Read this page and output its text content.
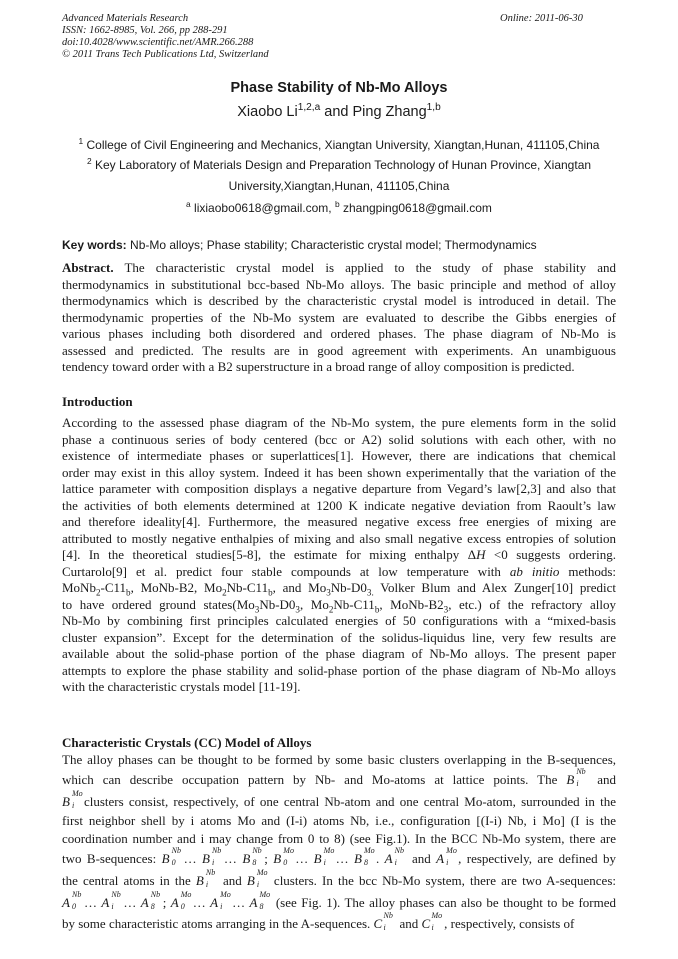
Advanced Materials Research
ISSN: 1662-8985, Vol. 266, pp 288-291
doi:10.4028/www.scientific.net/AMR.266.288
© 2011 Trans Tech Publications Ltd, Switzerland
Online: 2011-06-30
Phase Stability of Nb-Mo Alloys
Xiaobo Li$^{1,2,a}$ and Ping Zhang$^{1,b}$
$^1$ College of Civil Engineering and Mechanics, Xiangtan University, Xiangtan,Hunan, 411105,China
$^2$ Key Laboratory of Materials Design and Preparation Technology of Hunan Province, Xiangtan
University,Xiangtan,Hunan, 411105,China
$^a$ lixiaobo0618@gmail.com, $^b$ zhangping0618@gmail.com
Key words: Nb-Mo alloys; Phase stability; Characteristic crystal model; Thermodynamics
Abstract. The characteristic crystal model is applied to the study of phase stability and
thermodynamics in substitutional bcc-based Nb-Mo alloys. The basic principle and method of alloy
thermodynamics which is described by the characteristic crystal model is introduced in detail. The
thermodynamic properties of the Nb-Mo system are evaluated to describe the Gibbs energies of
various phases including both disordered and ordered phases. The phase diagram of Nb-Mo is
assessed and predicted. The results are in good agreement with experiments. An unambiguous
tendency toward order with a B2 superstructure in a broad range of alloy composition is predicted.
Introduction
According to the assessed phase diagram of the Nb-Mo system, the pure elements form in the solid
phase a continuous series of body centered (bcc or A2) solid solutions with each other, with no
existence of intermediate phases or superlattices[1]. However, there are indications that chemical
order may exist in this alloy system. Indeed it has been shown experimentally that the variation of the
lattice parameter with composition displays a negative departure from Vegard’s law[2,3] and also that
the activities of both elements determined at 1200 K indicate negative deviation from Raoult’s law
and therefore ideality[4]. Furthermore, the measured negative excess free energies of mixing are
attributed to mostly negative enthalpies of mixing and also small negative excess entropies of solution
[4]. In the theoretical studies[5-8], the estimate for mixing enthalpy ΔH <0 suggests ordering.
Curtarolo[9] et al. predict four stable compounds at low temperature with ab initio methods:
$MoNb_2-C11_b$, MoNb-B2, $Mo_2Nb-C11_b$, and $Mo_3Nb-D0_{3.}$ Volker Blum and Alex Zunger[10] predict
to have ordered ground $states(Mo_3Nb-D0_3$, $Mo_2Nb-C11_b$, MoNb-$B2_3$, etc.) of the refractory alloy
Nb-Mo by combining first principles calculated energies of 50 configurations with a “mixed-basis
cluster expansion”. Except for the determination of the solidus-liquidus line, very few results are
available about the solid-phase portion of the phase diagram of Nb-Mo alloys. The present paper
attempts to explore the phase stability and solid-phase portion of the phase diagram of Nb-Mo alloys
with the characteristic crystals model [11-19].
Characteristic Crystals (CC) Model of Alloys
The alloy phases can be thought to be formed by some basic clusters overlapping in the B-sequences,
which can describe occupation pattern by Nb- and Mo-atoms at lattice points. The B
Nb
i and
B
Mo
i clusters consist, respectively, of one central Nb-atom and one central Mo-atom, surrounded in the
first neighbor shell by i atoms Mo and (I-i) atoms Nb, i.e., configuration [(I-i) Nb, i Mo] (I is the
coordination number and i may change from 0 to 8) (see Fig.1). In the BCC Nb-Mo system, there are
two B-sequences: B
Nb
0 … B
Nb
i … B
Nb
8 ; B
Mo
0 … B
Mo
i … B
Mo
8 . A
Nb
i and A
Mo
i , respectively, are defined by
the central atoms in the B
Nb
i and B
Mo
i clusters. In the bcc Nb-Mo system, there are two A-sequences:
A
Nb
0 … A
Nb
i … A
Nb
8 ; A
Mo
0 … A
Mo
i … A
Mo
8 (see Fig. 1). The alloy phases can also be thought to be formed
by some characteristic atoms arranging in the A-sequences. C
Nb
i and C
Mo
i , respectively, consists of
